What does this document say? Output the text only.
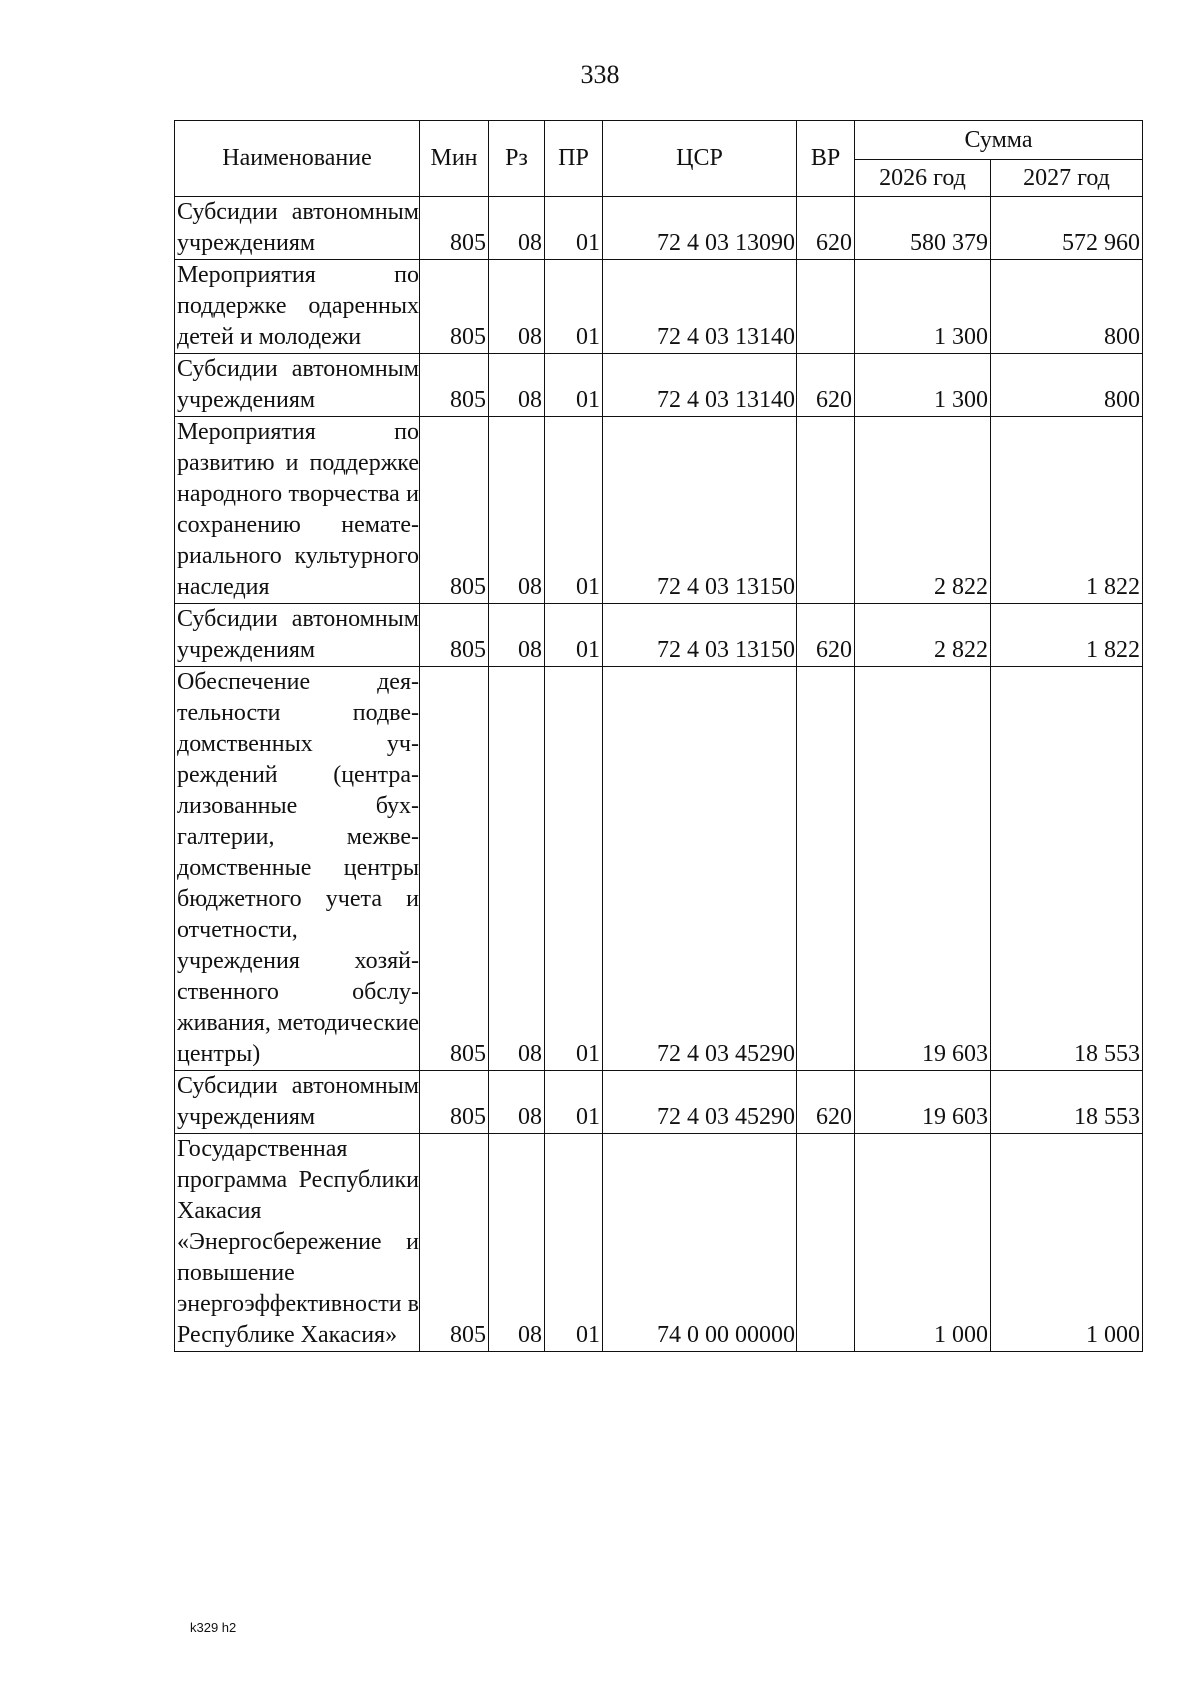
338
Наименование	Мин	Рз	ПР	ЦСР	ВР	Сумма	
						2026 год	2027 год
Субсидии автономным учреждениям	805	08	01	72 4 03 13090	620	580 379	572 960
Мероприятия по поддержке одаренных детей и молодежи	805	08	01	72 4 03 13140		1 300	800
Субсидии автономным учреждениям	805	08	01	72 4 03 13140	620	1 300	800
Мероприятия по развитию и поддержке народного творчества и сохранению нематериального культурного наследия	805	08	01	72 4 03 13150		2 822	1 822
Субсидии автономным учреждениям	805	08	01	72 4 03 13150	620	2 822	1 822
Обеспечение деятельности подведомственных учреждений (централизованные бухгалтерии, межведомственные центры бюджетного учета и отчетности, учреждения хозяйственного обслуживания, методические центры)	805	08	01	72 4 03 45290		19 603	18 553
Субсидии автономным учреждениям	805	08	01	72 4 03 45290	620	19 603	18 553
Государственная программа Республики Хакасия «Энергосбережение и повышение энергоэффективности в Республике Хакасия»	805	08	01	74 0 00 00000		1 000	1 000
k329 h2
